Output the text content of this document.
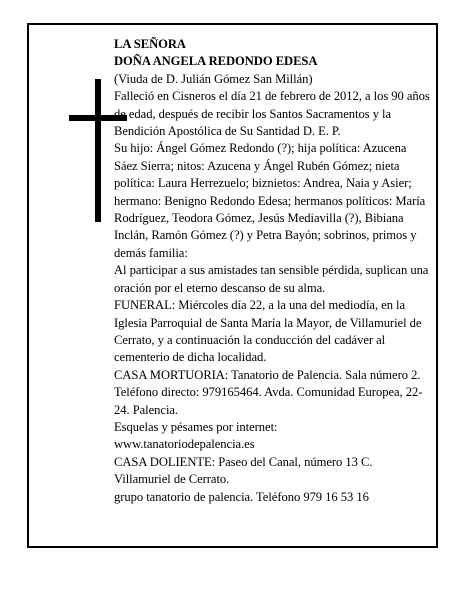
LA SEÑORA

DOÑA ANGELA REDONDO EDESA

(Viuda de D. Julián Gómez San Millán)

Falleció en Cisneros el día 21 de febrero de 2012, a los 90 años de edad, después de recibir los Santos Sacramentos y la Bendición Apostólica de Su Santidad D. E. P.

Su hijo: Ángel Gómez Redondo (?); hija política: Azucena Sáez Sierra; nitos: Azucena y Ángel Rubén Gómez; nieta política: Laura Herrezuelo; biznietos: Andrea, Naia y Asier; hermano: Benigno Redondo Edesa; hermanos políticos: María Rodríguez, Teodora Gómez, Jesús Mediavilla (?), Bibiana Inclán, Ramón Gómez (?) y Petra Bayón; sobrinos, primos y demás familia:

Al participar a sus amistades tan sensible pérdida, suplican una oración por el eterno descanso de su alma.

FUNERAL: Miércoles día 22, a la una del mediodía, en la Iglesia Parroquial de Santa María la Mayor, de Villamuriel de Cerrato, y a continuación la conducción del cadáver al cementerio de dicha localidad.

CASA MORTUORIA: Tanatorio de Palencia. Sala número 2. Teléfono directo: 979165464. Avda. Comunidad Europea, 22-24. Palencia.

Esquelas y pésames por internet:

www.tanatoriodepalencia.es

CASA DOLIENTE: Paseo del Canal, número 13 C. Villamuriel de Cerrato.

grupo tanatorio de palencia. Teléfono 979 16 53 16
